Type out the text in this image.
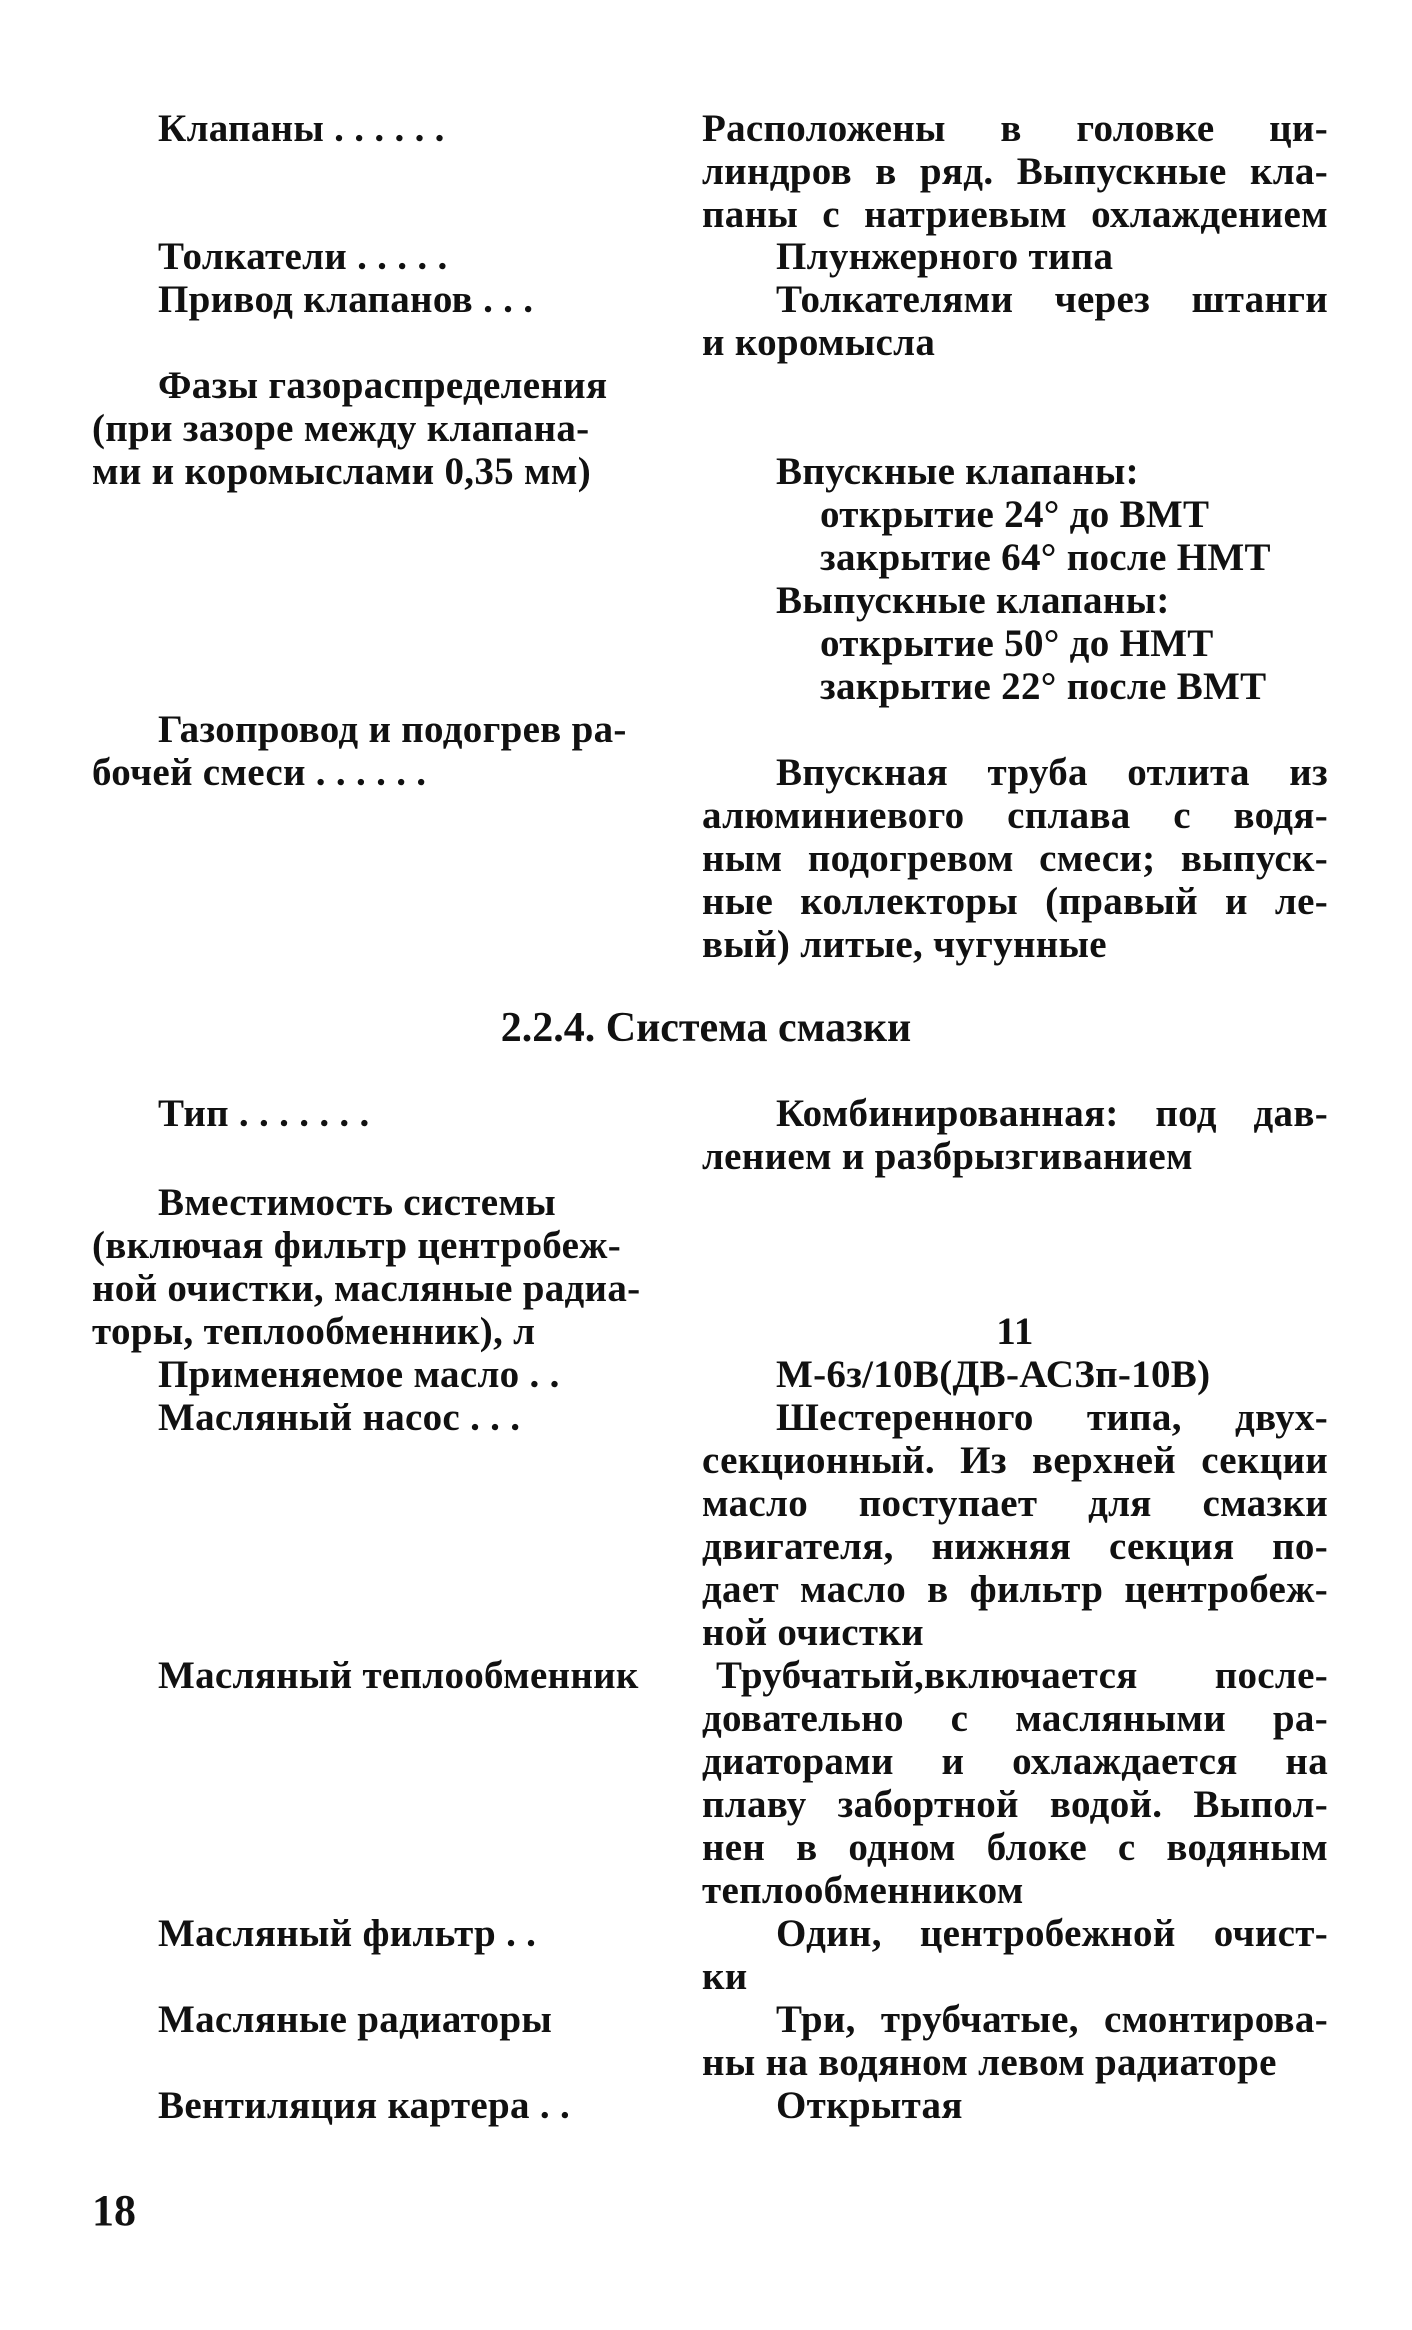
Клапаны . . . . . .	Расположены в головке ци-
линдров в ряд. Выпускные кла-
паны с натриевым охлаждением
Толкатели . . . . .	Плунжерного типа
Привод клапанов . . .	Толкателями через штанги
и коромысла
Фазы газораспределения
(при зазоре между клапана-
ми и коромыслами 0,35 мм)	Впускные клапаны:
открытие 24° до ВМТ
закрытие 64° после НМТ
Выпускные клапаны:
открытие 50° до НМТ
закрытие 22° после ВМТ
Газопровод и подогрев ра-
бочей смеси . . . . . .	Впускная труба отлита из
алюминиевого сплава с водя-
ным подогревом смеси; выпуск-
ные коллекторы (правый и ле-
вый) литые, чугунные
2.2.4. Система смазки
Тип . . . . . . .	Комбинированная: под дав-
лением и разбрызгиванием
Вместимость системы
(включая фильтр центробеж-
ной очистки, масляные радиа-
торы, теплообменник), л	11
Применяемое масло . .	М-6з/10В(ДВ-АСЗп-10В)
Масляный насос . . .	Шестеренного типа, двух-
секционный. Из верхней секции
масло поступает для смазки
двигателя, нижняя секция по-
дает масло в фильтр центробеж-
ной очистки
Масляный теплообменник Трубчатый,включается после-
довательно с масляными ра-
диаторами и охлаждается на
плаву забортной водой. Выпол-
нен в одном блоке с водяным
теплообменником
Масляный фильтр . .	Один, центробежной очист-
ки
Масляные радиаторы	Три, трубчатые, смонтирова-
ны на водяном левом радиаторе
Вентиляция картера . .	Открытая
18
